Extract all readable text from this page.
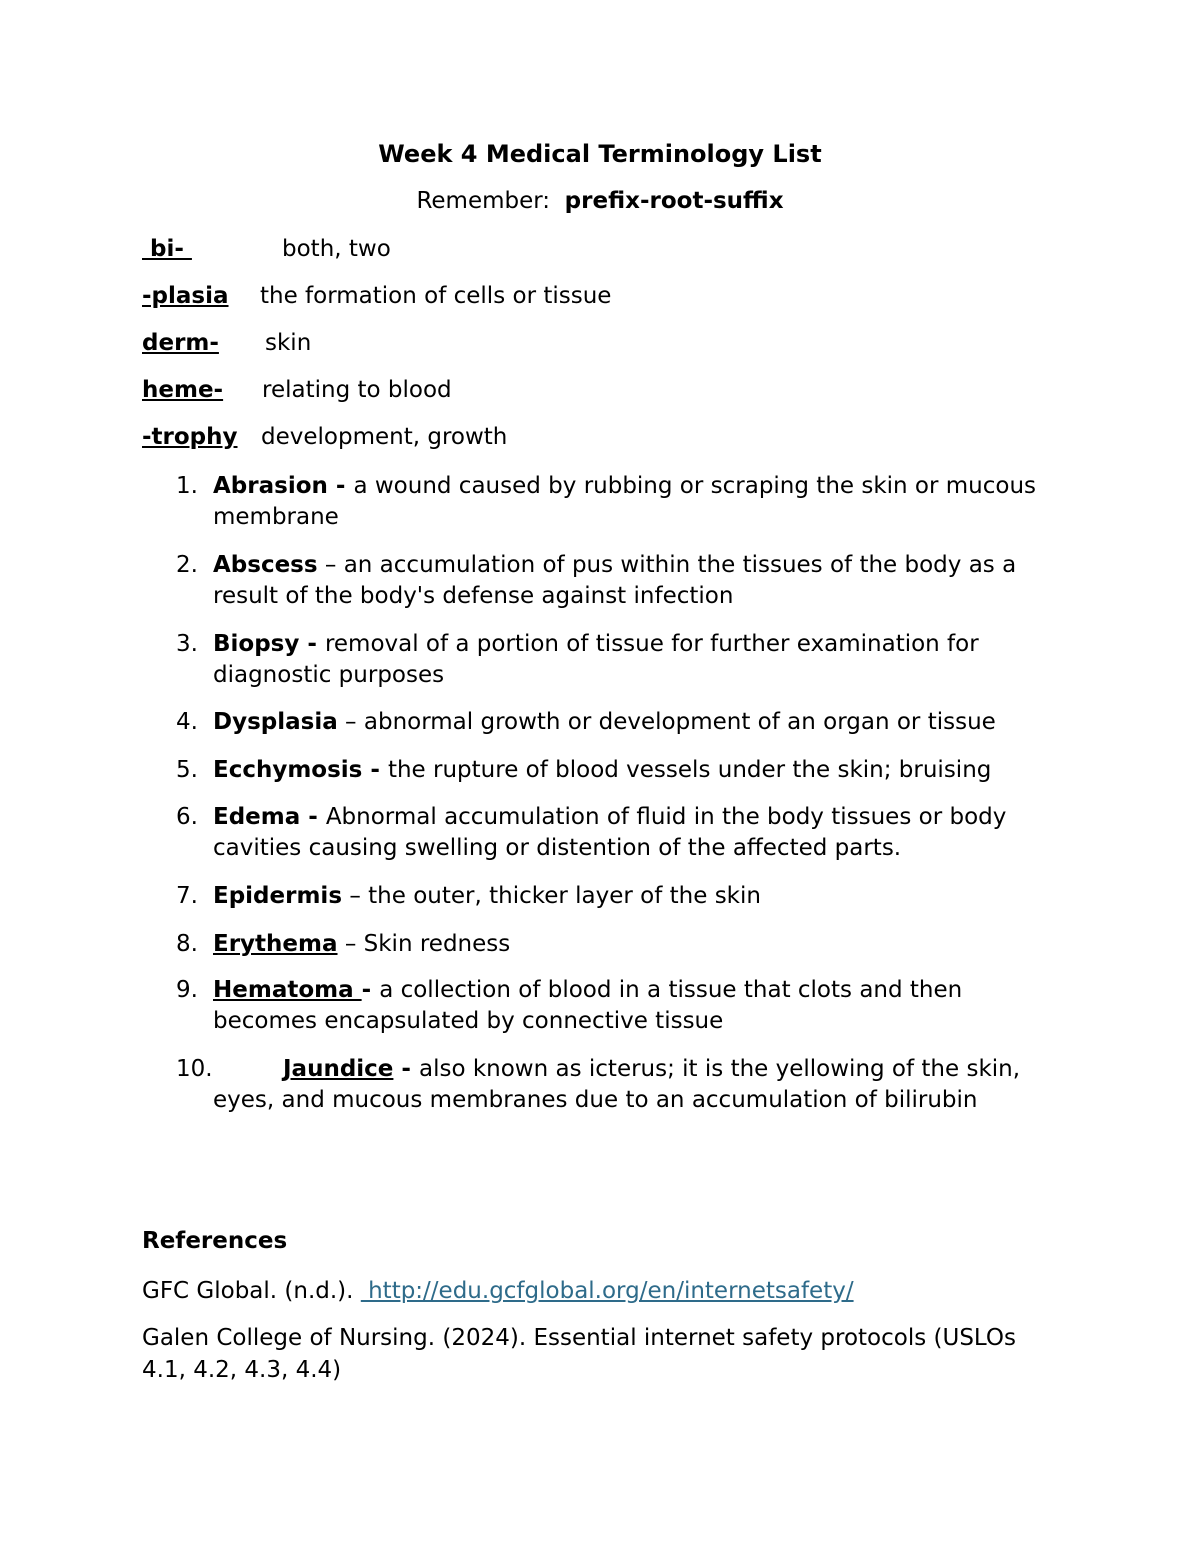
Week 4 Medical Terminology List
Remember: prefix-root-suffix
bi-	both, two
-plasia the formation of cells or tissue
derm- skin
heme- relating to blood
-trophy development, growth
1. Abrasion - a wound caused by rubbing or scraping the skin or mucous membrane
2. Abscess – an accumulation of pus within the tissues of the body as a result of the body's defense against infection
3. Biopsy - removal of a portion of tissue for further examination for diagnostic purposes
4. Dysplasia – abnormal growth or development of an organ or tissue
5. Ecchymosis - the rupture of blood vessels under the skin; bruising
6. Edema - Abnormal accumulation of fluid in the body tissues or body cavities causing swelling or distention of the affected parts.
7. Epidermis – the outer, thicker layer of the skin
8. Erythema – Skin redness
9. Hematoma - a collection of blood in a tissue that clots and then becomes encapsulated by connective tissue
10.	Jaundice - also known as icterus; it is the yellowing of the skin, eyes, and mucous membranes due to an accumulation of bilirubin
References
GFC Global. (n.d.).  http://edu.gcfglobal.org/en/internetsafety/
Galen College of Nursing. (2024). Essential internet safety protocols (USLOs 4.1, 4.2, 4.3, 4.4)
